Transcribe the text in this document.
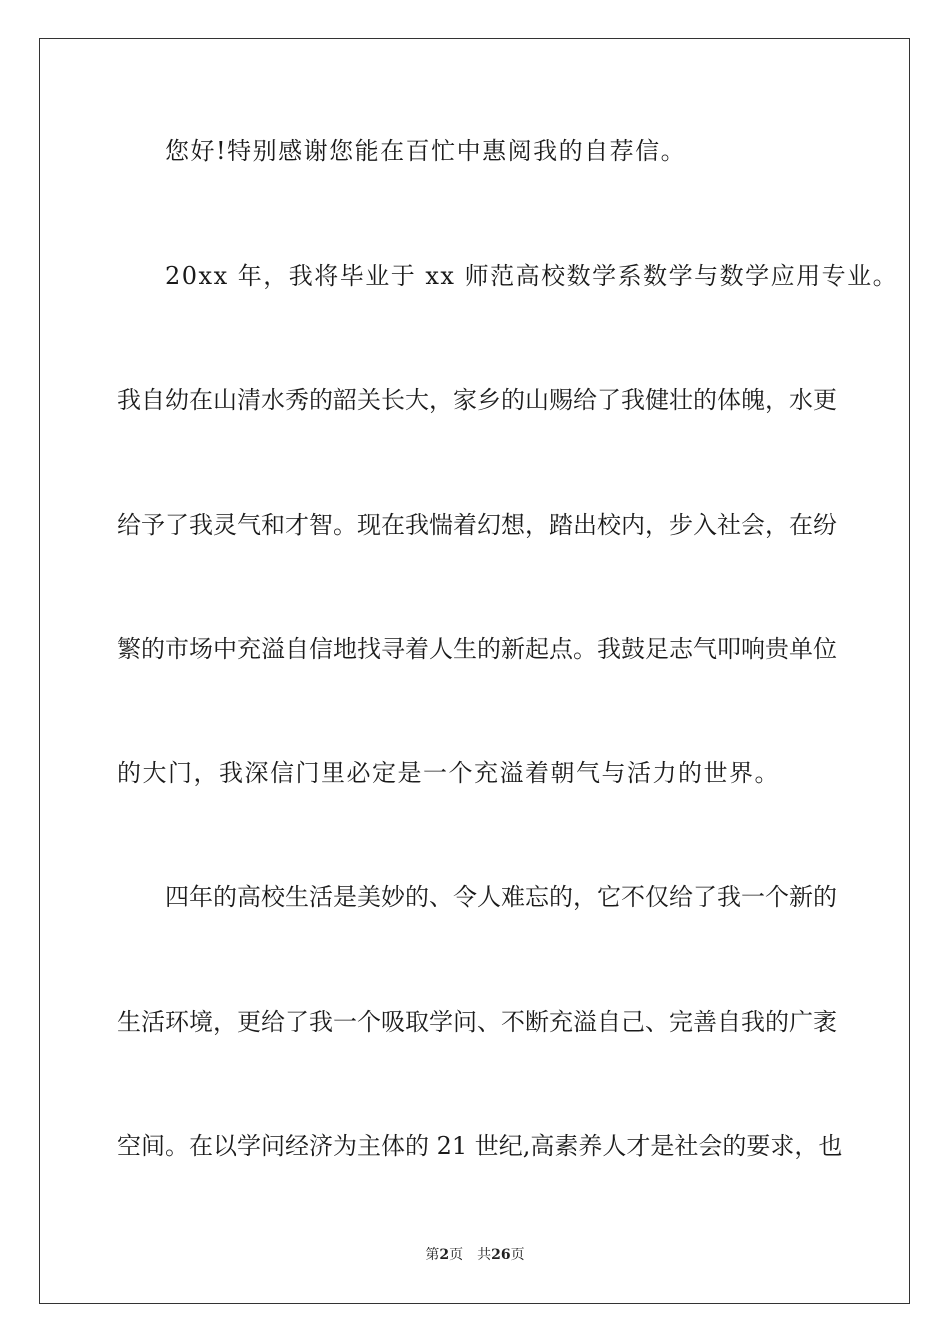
您好!特别感谢您能在百忙中惠阅我的自荐信。
20xx 年，我将毕业于 xx 师范高校数学系数学与数学应用专业。
我自幼在山清水秀的韶关长大，家乡的山赐给了我健壮的体魄，水更
给予了我灵气和才智。现在我惴着幻想，踏出校内，步入社会，在纷
繁的市场中充溢自信地找寻着人生的新起点。我鼓足志气叩响贵单位
的大门，我深信门里必定是一个充溢着朝气与活力的世界。
四年的高校生活是美妙的、令人难忘的，它不仅给了我一个新的
生活环境，更给了我一个吸取学问、不断充溢自己、完善自我的广袤
空间。在以学问经济为主体的 21 世纪,高素养人才是社会的要求，也
第2页 共26页
